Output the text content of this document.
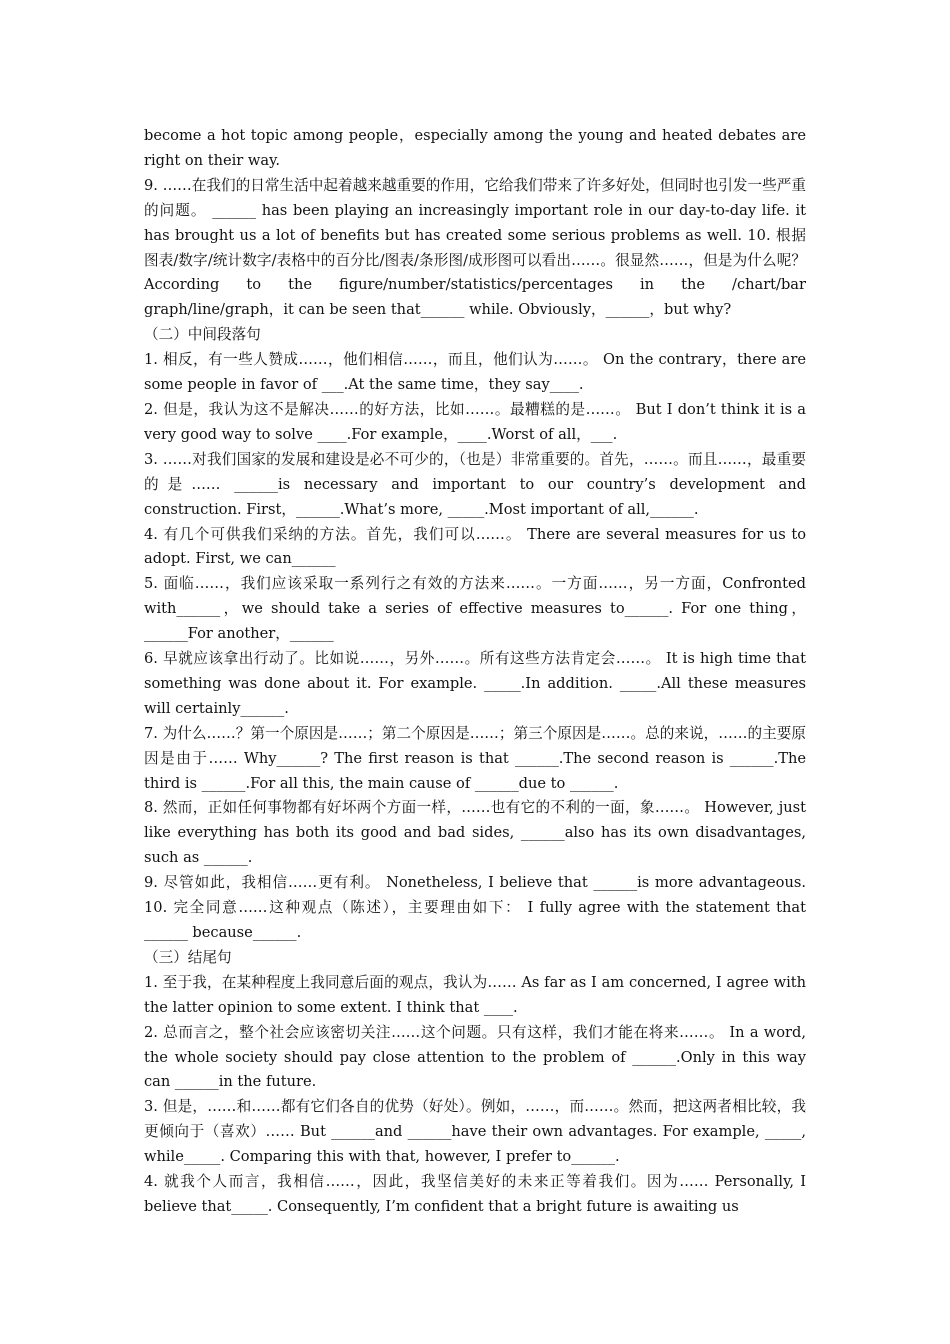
become a hot topic among people，especially among the young and heated debates are right on their way.

9. ……在我们的日常生活中起着越来越重要的作用，它给我们带来了许多好处，但同时也引发一些严重的问题。 ______ has been playing an increasingly important role in our day-to-day life. it has brought us a lot of benefits but has created some serious problems as well. 10. 根据图表/数字/统计数字/表格中的百分比/图表/条形图/成形图可以看出……。很显然……，但是为什么呢？ According to the figure/number/statistics/percentages in the /chart/bar graph/line/graph，it can be seen that______ while. Obviously，______，but why?

（二）中间段落句

1. 相反，有一些人赞成……，他们相信……，而且，他们认为……。 On the contrary，there are some people in favor of ___.At the same time，they say____.

2. 但是，我认为这不是解决……的好方法，比如……。最糟糕的是……。 But I don’t think it is a very good way to solve ____.For example，____.Worst of all，___.

3. ……对我们国家的发展和建设是必不可少的，（也是）非常重要的。首先，……。而且……，最重要的是…… ______is necessary and important to our country’s development and construction. First，______.What’s more, _____.Most important of all,______.

4. 有几个可供我们采纳的方法。首先，我们可以……。 There are several measures for us to adopt. First, we can______

5. 面临……，我们应该采取一系列行之有效的方法来……。一方面……，另一方面，Confronted with______，we should take a series of effective measures to______. For one thing，______For another，______

6. 早就应该拿出行动了。比如说……，另外……。所有这些方法肯定会……。 It is high time that something was done about it. For example. _____.In addition. _____.All these measures will certainly______.

7. 为什么……？第一个原因是……；第二个原因是……；第三个原因是……。总的来说，……的主要原因是由于…… Why______? The first reason is that ______.The second reason is ______.The third is ______.For all this, the main cause of ______due to ______.

8. 然而，正如任何事物都有好坏两个方面一样，……也有它的不利的一面，象……。 However, just like everything has both its good and bad sides, ______also has its own disadvantages, such as ______.

9. 尽管如此，我相信……更有利。 Nonetheless, I believe that ______is more advantageous. 10. 完全同意……这种观点（陈述），主要理由如下： I fully agree with the statement that ______ because______.

（三）结尾句

1. 至于我，在某种程度上我同意后面的观点，我认为…… As far as I am concerned, I agree with the latter opinion to some extent. I think that ____.

2. 总而言之，整个社会应该密切关注……这个问题。只有这样，我们才能在将来……。 In a word, the whole society should pay close attention to the problem of ______.Only in this way can ______in the future.

3. 但是，……和……都有它们各自的优势（好处）。例如，……，而……。然而，把这两者相比较，我更倾向于（喜欢）…… But ______and ______have their own advantages. For example, _____, while_____. Comparing this with that, however, I prefer to______.

4. 就我个人而言，我相信……，因此，我坚信美好的未来正等着我们。因为…… Personally, I believe that_____. Consequently, I’m confident that a bright future is awaiting us
